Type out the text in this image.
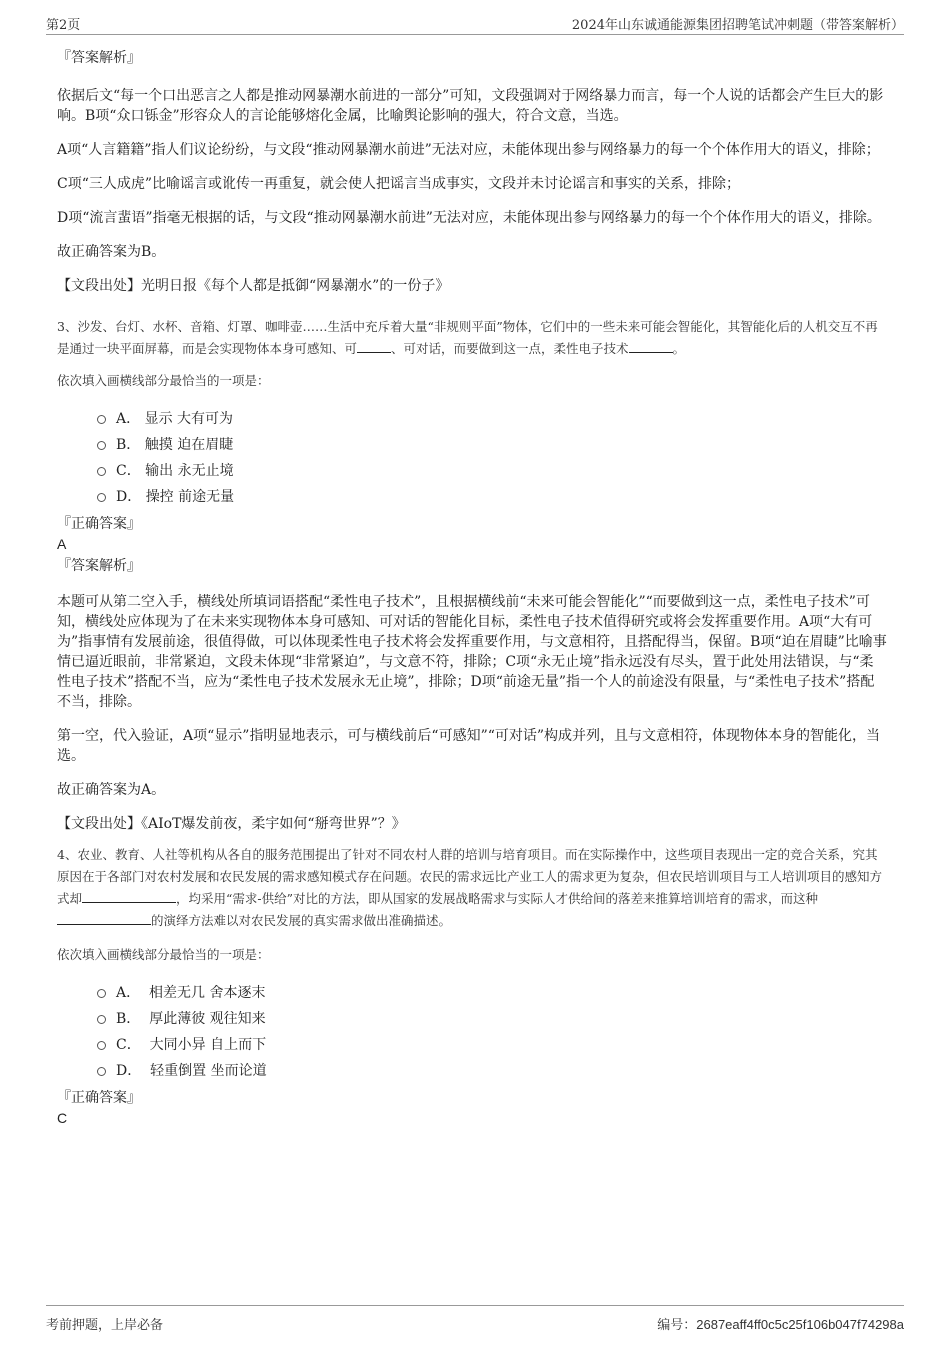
第2页	2024年山东诚通能源集团招聘笔试冲刺题（带答案解析）

『答案解析』

依据后文“每一个口出恶言之人都是推动网暴潮水前进的一部分”可知，文段强调对于网络暴力而言，每一个人说的话都会产生巨大的影响。B项“众口铄金”形容众人的言论能够熔化金属，比喻舆论影响的强大，符合文意，当选。

A项“人言籍籍”指人们议论纷纷，与文段“推动网暴潮水前进”无法对应，未能体现出参与网络暴力的每一个个体作用大的语义，排除；

C项“三人成虎”比喻谣言或讹传一再重复，就会使人把谣言当成事实，文段并未讨论谣言和事实的关系，排除；

D项“流言蜚语”指毫无根据的话，与文段“推动网暴潮水前进”无法对应，未能体现出参与网络暴力的每一个个体作用大的语义，排除。

故正确答案为B。

【文段出处】光明日报《每个人都是抵御“网暴潮水”的一份子》

3、沙发、台灯、水杯、音箱、灯罩、咖啡壶……生活中充斥着大量“非规则平面”物体，它们中的一些未来可能会智能化，其智能化后的人机交互不再是通过一块平面屏幕，而是会实现物体本身可感知、可	、可对话，而要做到这一点，柔性电子技术	。

依次填入画横线部分最恰当的一项是：

A．
显示 大有可为
B．
触摸 迫在眉睫
C．
输出 永无止境
D．
操控 前途无量

『正确答案』

A

『答案解析』

本题可从第二空入手，横线处所填词语搭配“柔性电子技术”，且根据横线前“未来可能会智能化”“而要做到这一点，柔性电子技术”可知，横线处应体现为了在未来实现物体本身可感知、可对话的智能化目标，柔性电子技术值得研究或将会发挥重要作用。A项“大有可为”指事情有发展前途，很值得做，可以体现柔性电子技术将会发挥重要作用，与文意相符，且搭配得当，保留。B项“迫在眉睫”比喻事情已逼近眼前，非常紧迫，文段未体现“非常紧迫”，与文意不符，排除；C项“永无止境”指永远没有尽头，置于此处用法错误，与“柔性电子技术”搭配不当，应为“柔性电子技术发展永无止境”，排除；D项“前途无量”指一个人的前途没有限量，与“柔性电子技术”搭配不当，排除。

第一空，代入验证，A项“显示”指明显地表示，可与横线前后“可感知”“可对话”构成并列，且与文意相符，体现物体本身的智能化，当选。

故正确答案为A。

【文段出处】《AIoT爆发前夜，柔宇如何“掰弯世界”？》

4、农业、教育、人社等机构从各自的服务范围提出了针对不同农村人群的培训与培育项目。而在实际操作中，这些项目表现出一定的竞合关系，究其原因在于各部门对农村发展和农民发展的需求感知模式存在问题。农民的需求远比产业工人的需求更为复杂，但农民培训项目与工人培训项目的感知方式却	，均采用“需求-供给”对比的方法，即从国家的发展战略需求与实际人才供给间的落差来推算培训培育的需求，而这种的演绎方法难以对农民发展的真实需求做出准确描述。

依次填入画横线部分最恰当的一项是：

A．
相差无几 舍本逐末
B．
厚此薄彼 观往知来
C．
大同小异 自上而下
D．
轻重倒置 坐而论道

『正确答案』

C

考前押题，上岸必备	编号：2687eaff4ff0c5c25f106b047f74298a
